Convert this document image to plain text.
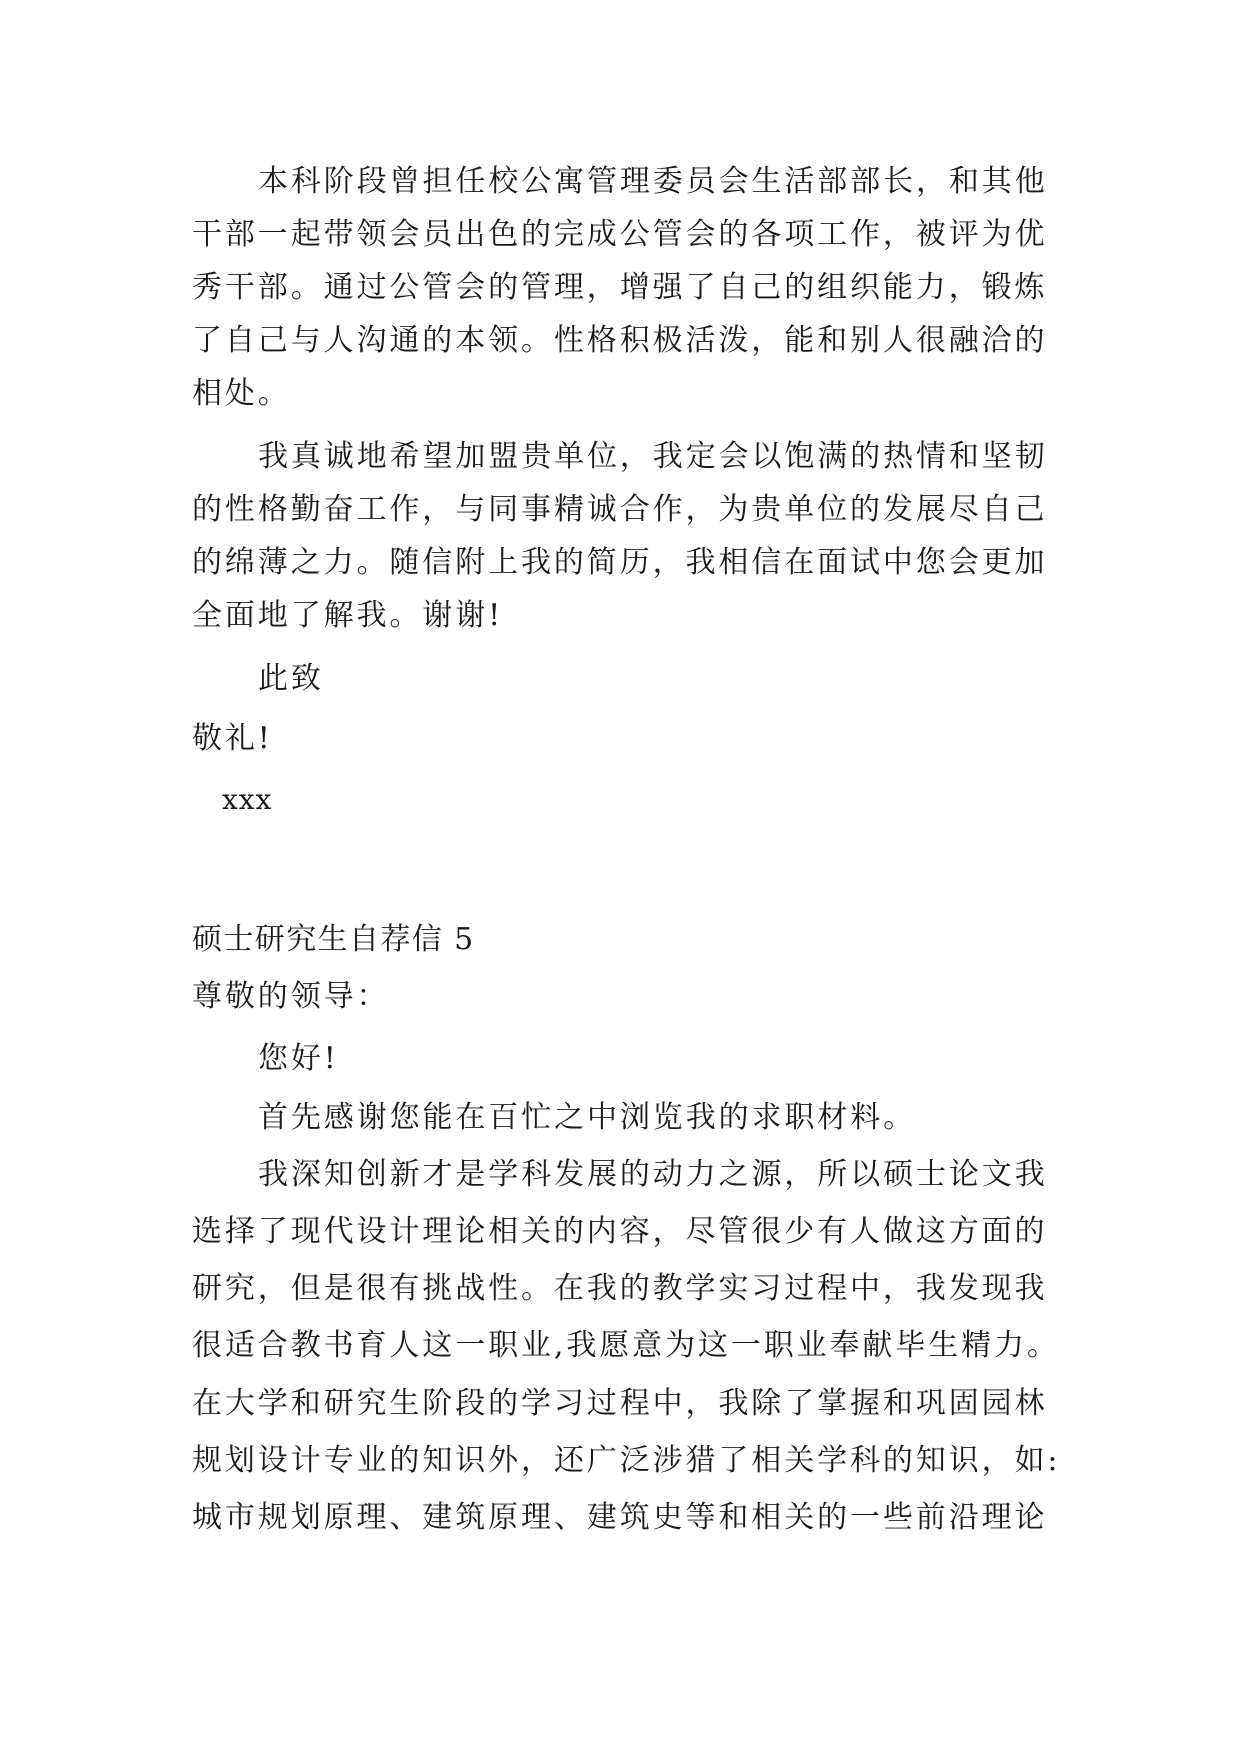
本科阶段曾担任校公寓管理委员会生活部部长，和其他
干部一起带领会员出色的完成公管会的各项工作，被评为优
秀干部。通过公管会的管理，增强了自己的组织能力，锻炼
了自己与人沟通的本领。性格积极活泼，能和别人很融洽的
相处。
我真诚地希望加盟贵单位，我定会以饱满的热情和坚韧
的性格勤奋工作，与同事精诚合作，为贵单位的发展尽自己
的绵薄之力。随信附上我的简历，我相信在面试中您会更加
全面地了解我。谢谢!
此致
敬礼!
xxx
硕士研究生自荐信 5
尊敬的领导：
您好!
首先感谢您能在百忙之中浏览我的求职材料。
我深知创新才是学科发展的动力之源，所以硕士论文我
选择了现代设计理论相关的内容，尽管很少有人做这方面的
研究，但是很有挑战性。在我的教学实习过程中，我发现我
很适合教书育人这一职业,我愿意为这一职业奉献毕生精力。
在大学和研究生阶段的学习过程中，我除了掌握和巩固园林
规划设计专业的知识外，还广泛涉猎了相关学科的知识，如:
城市规划原理、建筑原理、建筑史等和相关的一些前沿理论
